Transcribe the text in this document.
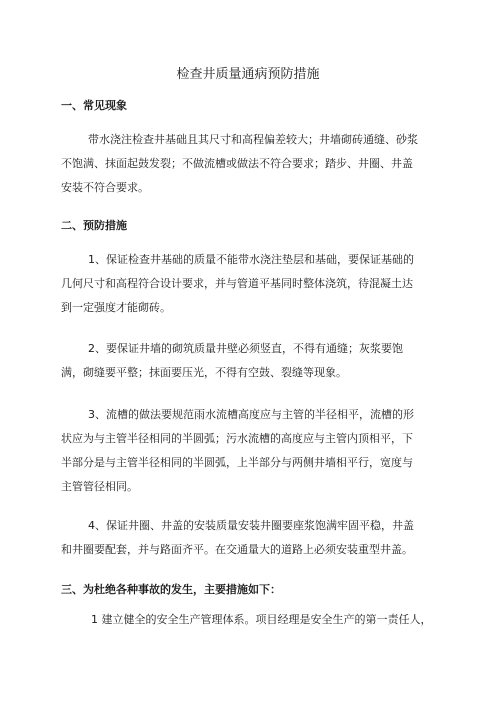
检查井质量通病预防措施
一、常见现象
带水浇注检查井基础且其尺寸和高程偏差较大；井墙砌砖通缝、砂浆
不饱满、抹面起鼓发裂；不做流槽或做法不符合要求；踏步、井圈、井盖
安装不符合要求。
二、预防措施
1、保证检查井基础的质量不能带水浇注垫层和基础，要保证基础的
几何尺寸和高程符合设计要求，并与管道平基同时整体浇筑，待混凝土达
到一定强度才能砌砖。
2、要保证井墙的砌筑质量井壁必须竖直，不得有通缝；灰浆要饱
满，砌缝要平整；抹面要压光，不得有空鼓、裂缝等现象。
3、流槽的做法要规范雨水流槽高度应与主管的半径相平，流槽的形
状应为与主管半径相同的半圆弧；污水流槽的高度应与主管内顶相平，下
半部分是与主管半径相同的半圆弧，上半部分与两侧井墙相平行，宽度与
主管管径相同。
4、保证井圈、井盖的安装质量安装井圈要座浆饱满牢固平稳，井盖
和井圈要配套，并与路面齐平。在交通量大的道路上必须安装重型井盖。
三、为杜绝各种事故的发生，主要措施如下：
1 建立健全的安全生产管理体系。项目经理是安全生产的第一责任人，
